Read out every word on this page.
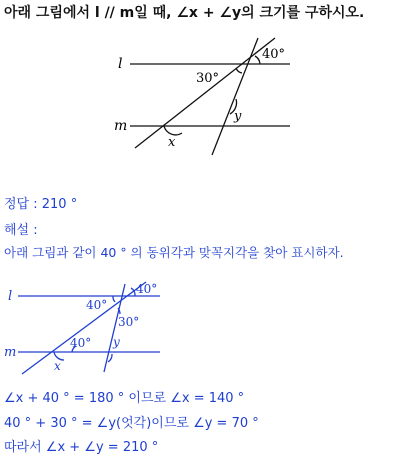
아래 그림에서 l // m일 때, ∠x + ∠y의 크기를 구하시오.
l
m
40°
30°
y
x
정답 : 210 °
해설 :
아래 그림과 같이 40 ° 의 동위각과 맞꼭지각을 찾아 표시하자.
l
m
40°
40°
30°
40° y
x
∠x + 40 ° = 180 ° 이므로 ∠x = 140 °
40 ° + 30 ° = ∠y(엇각)이므로 ∠y = 70 °
따라서 ∠x + ∠y = 210 °
